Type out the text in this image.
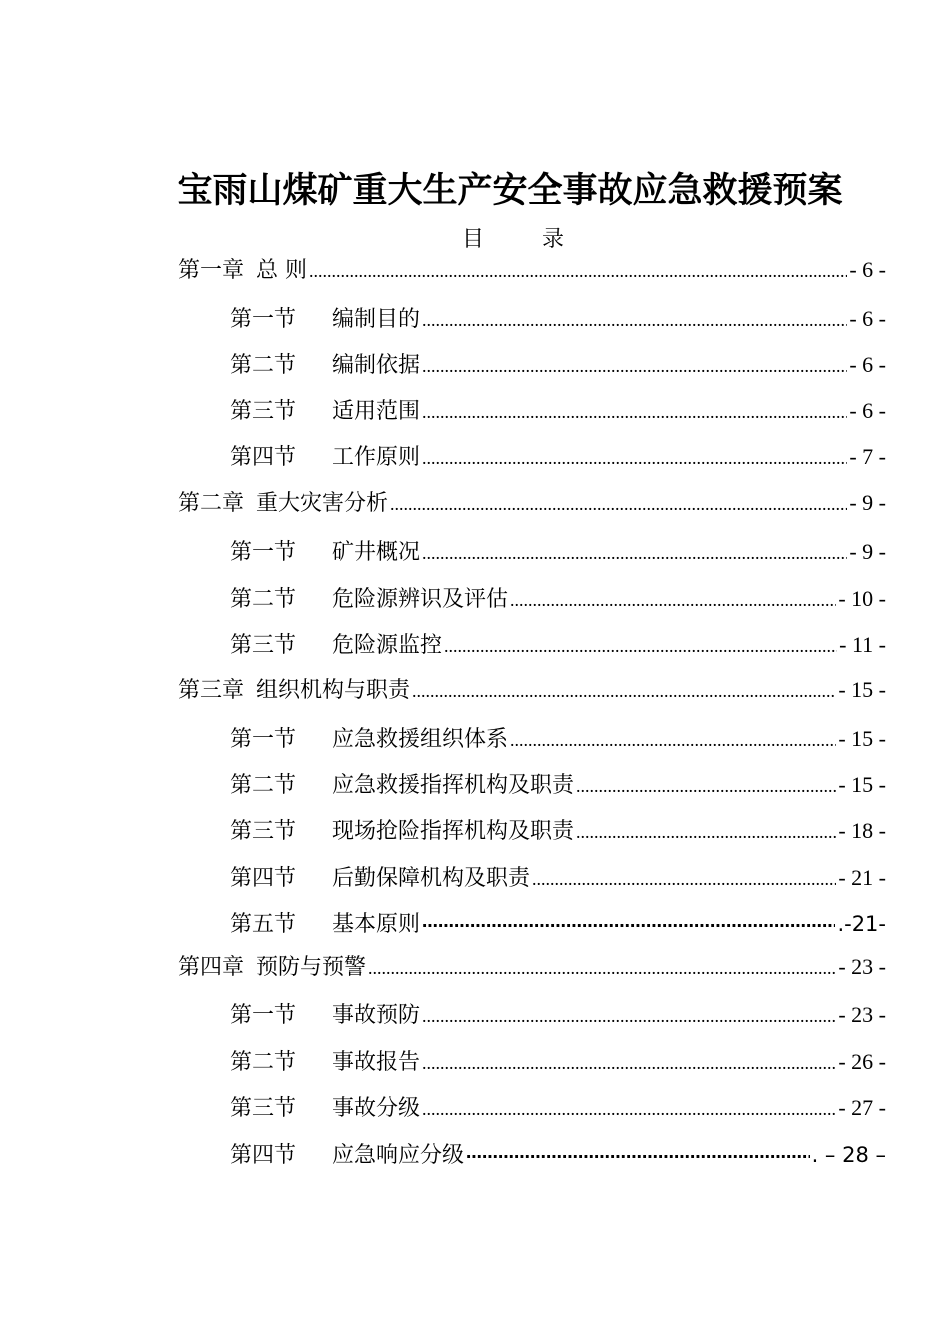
宝雨山煤矿重大生产安全事故应急救援预案
目	录
第一章 总 则 .....	- 6 -
第一节 编制目的 .....	- 6 -
第二节 编制依据 .....	- 6 -
第三节 适用范围 .....	- 6 -
第四节 工作原则 .....	- 7 -
第二章 重大灾害分析 .....	- 9 -
第一节 矿井概况 .....	- 9 -
第二节 危险源辨识及评估 .....	- 10 -
第三节 危险源监控 .....	- 11 -
第三章 组织机构与职责 .....	- 15 -
第一节 应急救援组织体系 .....	- 15 -
第二节 应急救援指挥机构及职责 .....	- 15 -
第三节 现场抢险指挥机构及职责 .....	- 18 -
第四节 后勤保障机构及职责 .....	- 21 -
第五节 基本原则 ⋯⋯⋯⋯⋯⋯⋯⋯⋯⋯⋯⋯⋯⋯⋯⋯⋯⋯⋯⋯⋯⋯⋯⋯⋯⋯⋯⋯⋯⋯⋯⋯⋯⋯⋯⋯⋯⋯⋯⋯⋯⋯⋯⋯⋯⋯⋯⋯⋯⋯⋯⋯⋯⋯⋯⋯⋯⋯⋯⋯	.-21-
第四章 预防与预警 .....	- 23 -
第一节 事故预防 .....	- 23 -
第二节 事故报告 .....	- 26 -
第三节 事故分级 .....	- 27 -
第四节 应急响应分级 ⋯⋯⋯⋯⋯⋯⋯⋯⋯⋯⋯⋯⋯⋯⋯⋯⋯⋯⋯⋯⋯⋯⋯⋯⋯⋯⋯⋯⋯⋯⋯⋯⋯⋯⋯⋯⋯⋯⋯⋯⋯⋯⋯⋯⋯⋯⋯⋯⋯⋯⋯⋯⋯⋯⋯⋯⋯⋯⋯⋯	. – 28 –
